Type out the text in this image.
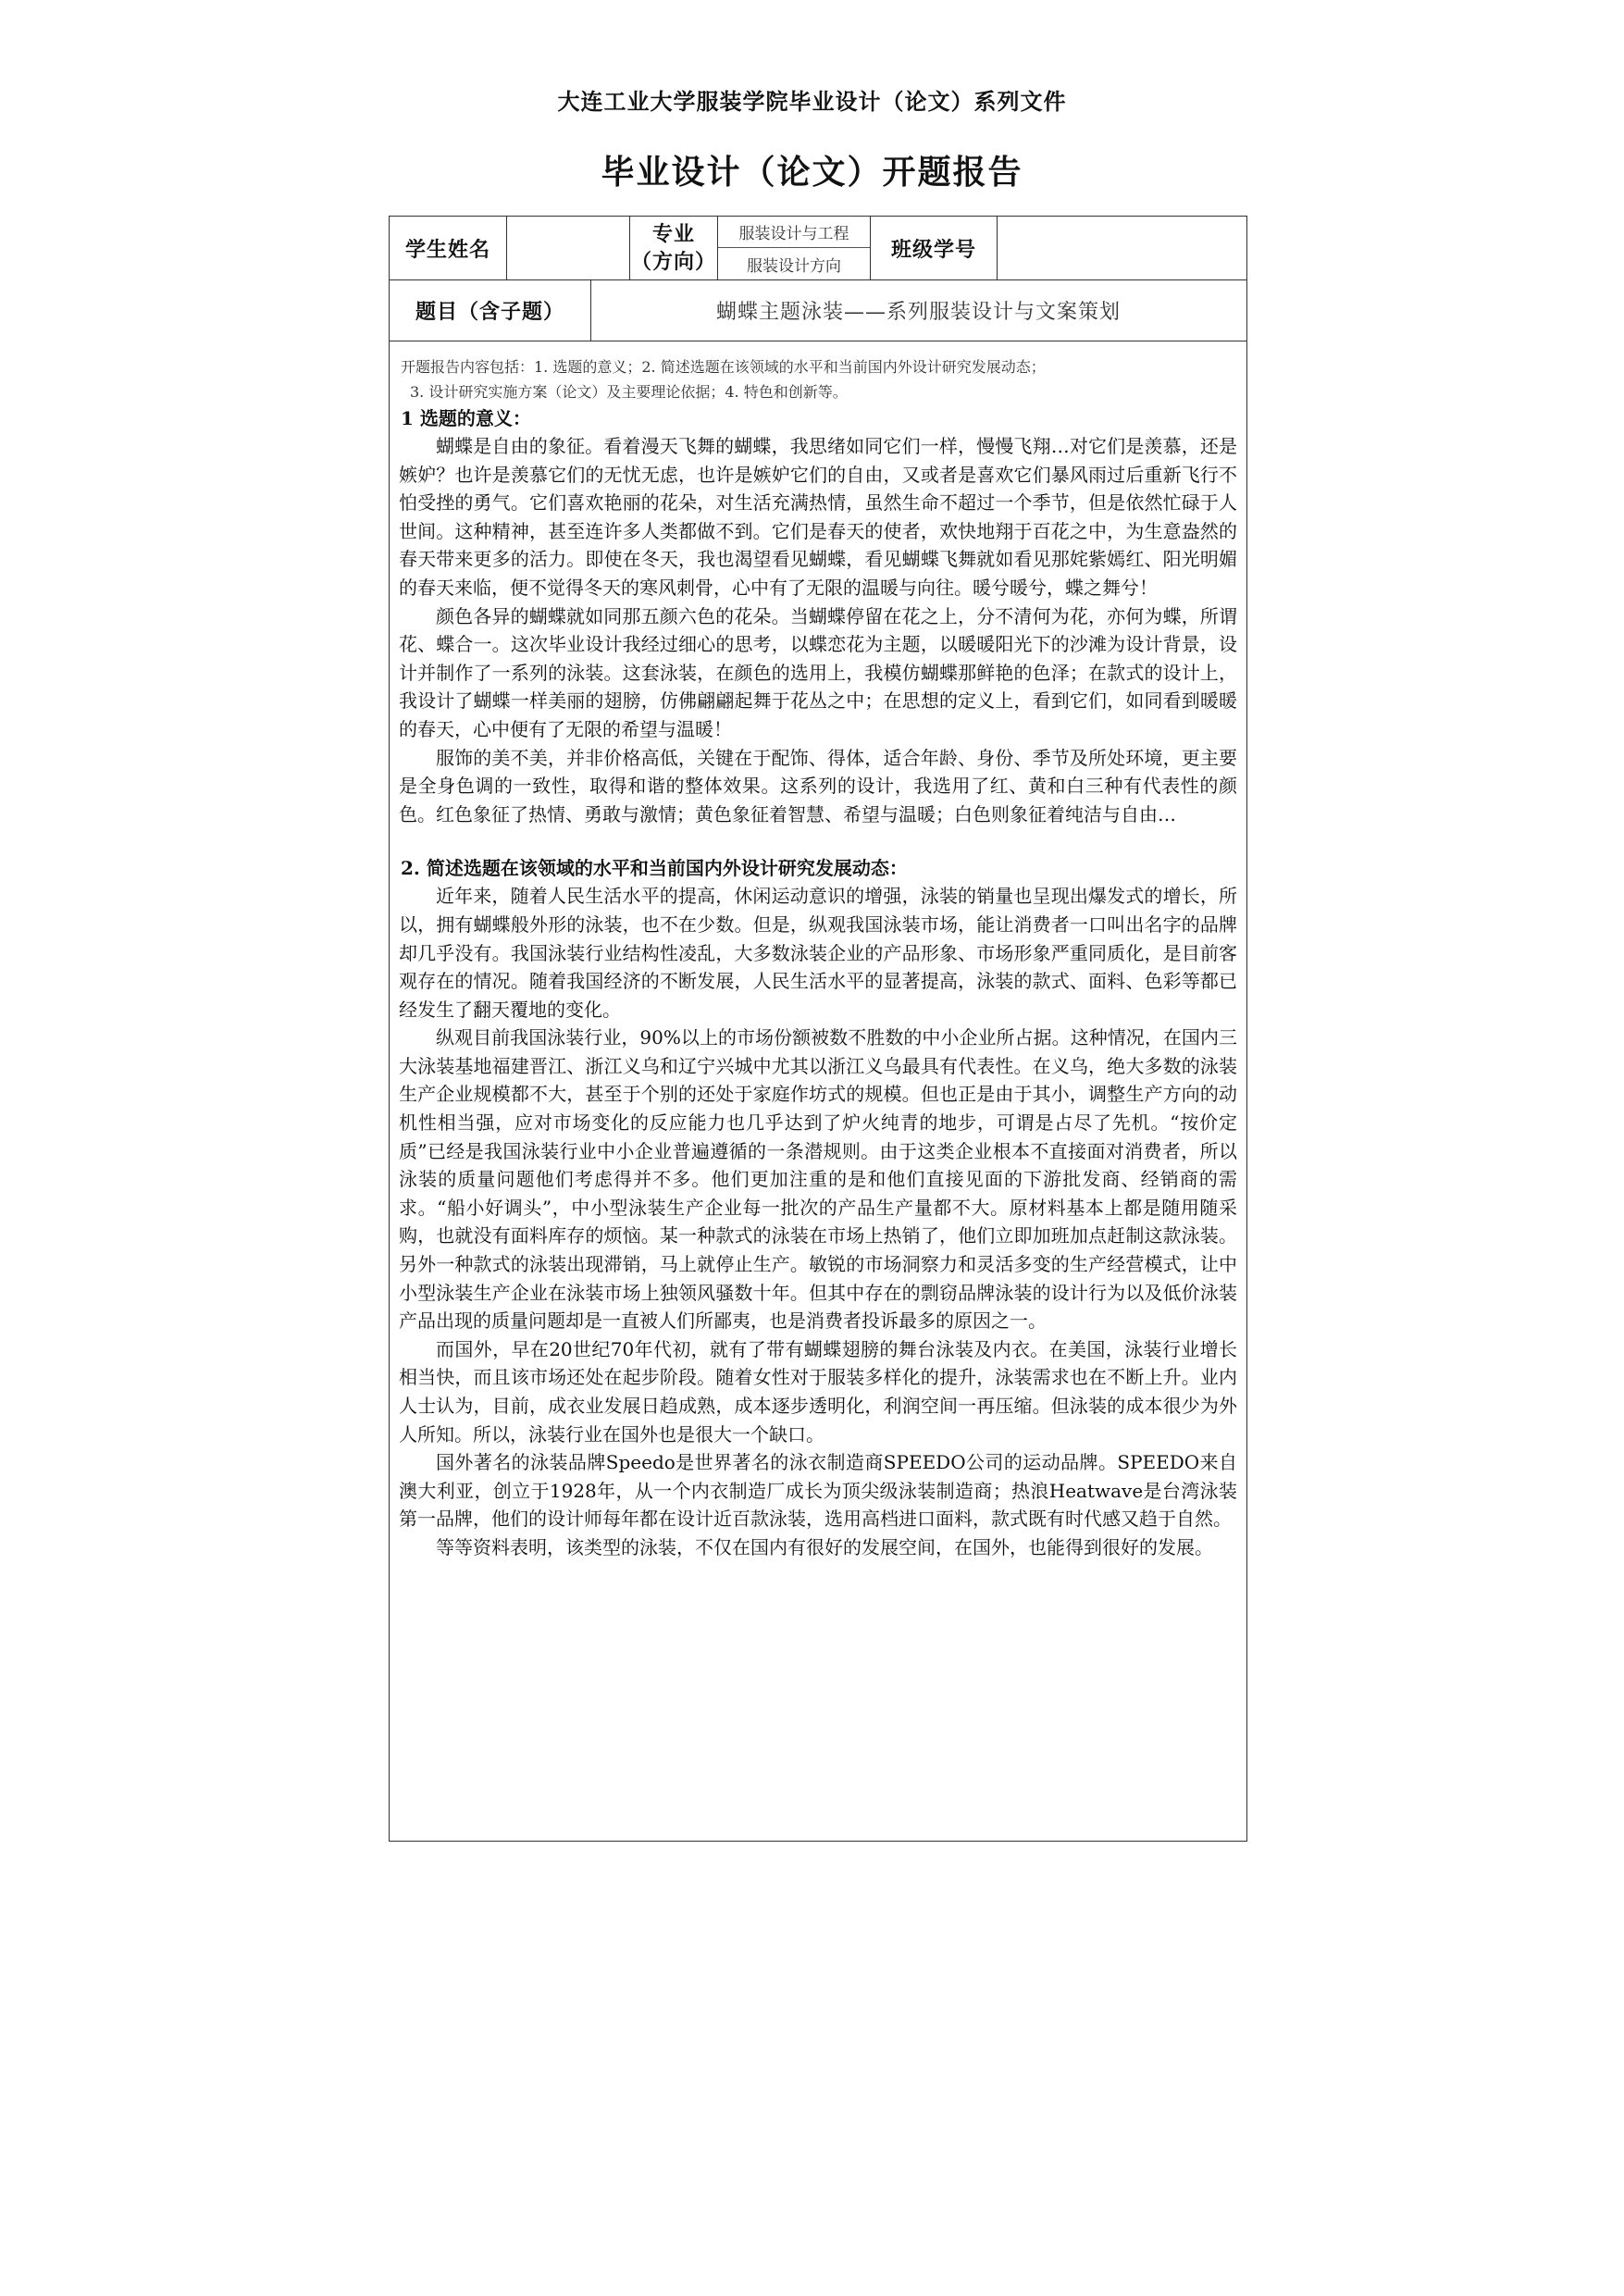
大连工业大学服装学院毕业设计（论文）系列文件
毕业设计（论文）开题报告
学生姓名
专业
（方向）
服装设计与工程
服装设计方向
班级学号
题目（含子题）	蝴蝶主题泳装——系列服装设计与文案策划

开题报告内容包括：1. 选题的意义；2. 简述选题在该领域的水平和当前国内外设计研究发展动态；

3. 设计研究实施方案（论文）及主要理论依据；4. 特色和创新等。

1 选题的意义：

蝴蝶是自由的象征。看着漫天飞舞的蝴蝶，我思绪如同它们一样，慢慢飞翔…对它们是羡慕，还是嫉妒？也许是羡慕它们的无忧无虑，也许是嫉妒它们的自由，又或者是喜欢它们暴风雨过后重新飞行不怕受挫的勇气。它们喜欢艳丽的花朵，对生活充满热情，虽然生命不超过一个季节，但是依然忙碌于人世间。这种精神，甚至连许多人类都做不到。它们是春天的使者，欢快地翔于百花之中，为生意盎然的春天带来更多的活力。即使在冬天，我也渴望看见蝴蝶，看见蝴蝶飞舞就如看见那姹紫嫣红、阳光明媚的春天来临，便不觉得冬天的寒风刺骨，心中有了无限的温暖与向往。暖兮暖兮，蝶之舞兮！

颜色各异的蝴蝶就如同那五颜六色的花朵。当蝴蝶停留在花之上，分不清何为花，亦何为蝶，所谓花、蝶合一。这次毕业设计我经过细心的思考，以蝶恋花为主题，以暖暖阳光下的沙滩为设计背景，设计并制作了一系列的泳装。这套泳装，在颜色的选用上，我模仿蝴蝶那鲜艳的色泽；在款式的设计上，我设计了蝴蝶一样美丽的翅膀，仿佛翩翩起舞于花丛之中；在思想的定义上，看到它们，如同看到暖暖的春天，心中便有了无限的希望与温暖！

服饰的美不美，并非价格高低，关键在于配饰、得体，适合年龄、身份、季节及所处环境，更主要是全身色调的一致性，取得和谐的整体效果。这系列的设计，我选用了红、黄和白三种有代表性的颜色。红色象征了热情、勇敢与激情；黄色象征着智慧、希望与温暖；白色则象征着纯洁与自由…

2. 简述选题在该领域的水平和当前国内外设计研究发展动态：

近年来，随着人民生活水平的提高，休闲运动意识的增强，泳装的销量也呈现出爆发式的增长，所以，拥有蝴蝶般外形的泳装，也不在少数。但是，纵观我国泳装市场，能让消费者一口叫出名字的品牌却几乎没有。我国泳装行业结构性凌乱，大多数泳装企业的产品形象、市场形象严重同质化，是目前客观存在的情况。随着我国经济的不断发展，人民生活水平的显著提高，泳装的款式、面料、色彩等都已经发生了翻天覆地的变化。

纵观目前我国泳装行业，90%以上的市场份额被数不胜数的中小企业所占据。这种情况，在国内三大泳装基地福建晋江、浙江义乌和辽宁兴城中尤其以浙江义乌最具有代表性。在义乌，绝大多数的泳装生产企业规模都不大，甚至于个别的还处于家庭作坊式的规模。但也正是由于其小，调整生产方向的动机性相当强，应对市场变化的反应能力也几乎达到了炉火纯青的地步，可谓是占尽了先机。“按价定质”已经是我国泳装行业中小企业普遍遵循的一条潜规则。由于这类企业根本不直接面对消费者，所以泳装的质量问题他们考虑得并不多。他们更加注重的是和他们直接见面的下游批发商、经销商的需求。“船小好调头”，中小型泳装生产企业每一批次的产品生产量都不大。原材料基本上都是随用随采购，也就没有面料库存的烦恼。某一种款式的泳装在市场上热销了，他们立即加班加点赶制这款泳装。另外一种款式的泳装出现滞销，马上就停止生产。敏锐的市场洞察力和灵活多变的生产经营模式，让中小型泳装生产企业在泳装市场上独领风骚数十年。但其中存在的剽窃品牌泳装的设计行为以及低价泳装产品出现的质量问题却是一直被人们所鄙夷，也是消费者投诉最多的原因之一。

而国外，早在20世纪70年代初，就有了带有蝴蝶翅膀的舞台泳装及内衣。在美国，泳装行业增长相当快，而且该市场还处在起步阶段。随着女性对于服装多样化的提升，泳装需求也在不断上升。业内人士认为，目前，成衣业发展日趋成熟，成本逐步透明化，利润空间一再压缩。但泳装的成本很少为外人所知。所以，泳装行业在国外也是很大一个缺口。

国外著名的泳装品牌Speedo是世界著名的泳衣制造商SPEEDO公司的运动品牌。SPEEDO来自澳大利亚，创立于1928年，从一个内衣制造厂成长为顶尖级泳装制造商；热浪Heatwave是台湾泳装第一品牌，他们的设计师每年都在设计近百款泳装，选用高档进口面料，款式既有时代感又趋于自然。

等等资料表明，该类型的泳装，不仅在国内有很好的发展空间，在国外，也能得到很好的发展。
